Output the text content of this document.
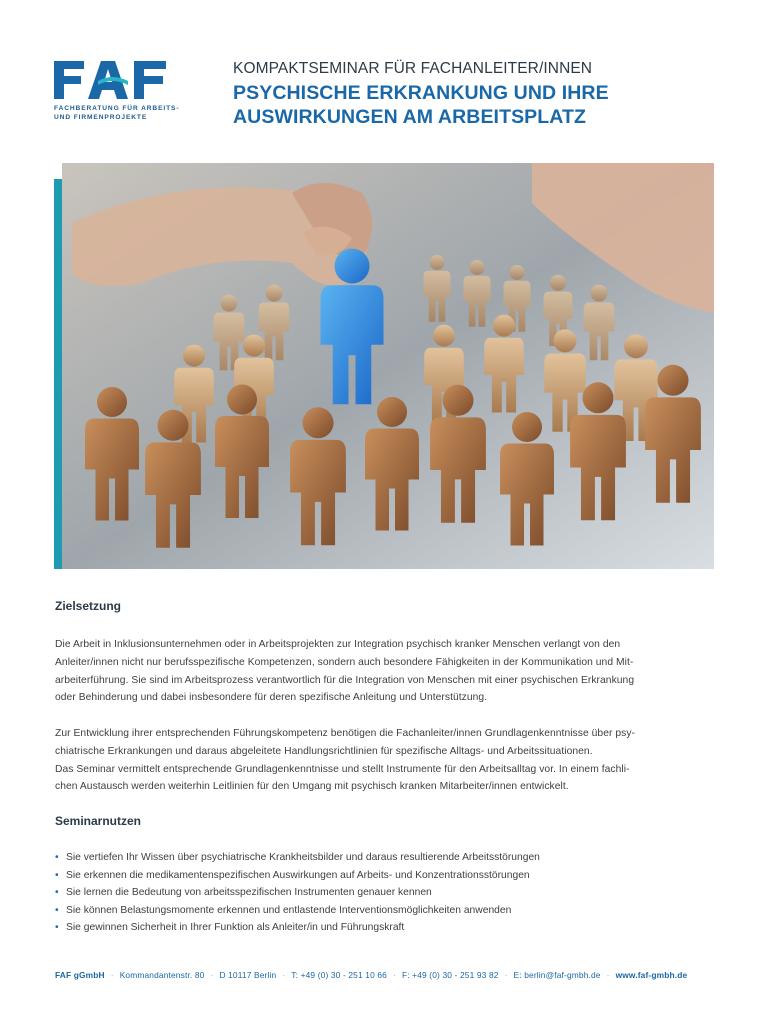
FACHBERATUNG FÜR ARBEITS-
UND FIRMENPROJEKTE
KOMPAKTSEMINAR FÜR FACHANLEITER/INNEN
PSYCHISCHE ERKRANKUNG UND IHRE
AUSWIRKUNGEN AM ARBEITSPLATZ
Zielsetzung
Die Arbeit in Inklusionsunternehmen oder in Arbeitsprojekten zur Integration psychisch kranker Menschen verlangt von den
Anleiter/innen nicht nur berufsspezifische Kompetenzen, sondern auch besondere Fähigkeiten in der Kommunikation und Mit-
arbeiterführung. Sie sind im Arbeitsprozess verantwortlich für die Integration von Menschen mit einer psychischen Erkrankung
oder Behinderung und dabei insbesondere für deren spezifische Anleitung und Unterstützung.
Zur Entwicklung ihrer entsprechenden Führungskompetenz benötigen die Fachanleiter/innen Grundlagenkenntnisse über psy-
chiatrische Erkrankungen und daraus abgeleitete Handlungsrichtlinien für spezifische Alltags- und Arbeitssituationen.
Das Seminar vermittelt entsprechende Grundlagenkenntnisse und stellt Instrumente für den Arbeitsalltag vor. In einem fachli-
chen Austausch werden weiterhin Leitlinien für den Umgang mit psychisch kranken Mitarbeiter/innen entwickelt.
Seminarnutzen
• Sie vertiefen Ihr Wissen über psychiatrische Krankheitsbilder und daraus resultierende Arbeitsstörungen
• Sie erkennen die medikamentenspezifischen Auswirkungen auf Arbeits- und Konzentrationsstörungen
• Sie lernen die Bedeutung von arbeitsspezifischen Instrumenten genauer kennen
• Sie können Belastungsmomente erkennen und entlastende Interventionsmöglichkeiten anwenden
• Sie gewinnen Sicherheit in Ihrer Funktion als Anleiter/in und Führungskraft
FAF gGmbH · Kommandantenstr. 80 · D 10117 Berlin · T: +49 (0) 30 - 251 10 66 · F: +49 (0) 30 - 251 93 82 · E: berlin@faf-gmbh.de · www.faf-gmbh.de
